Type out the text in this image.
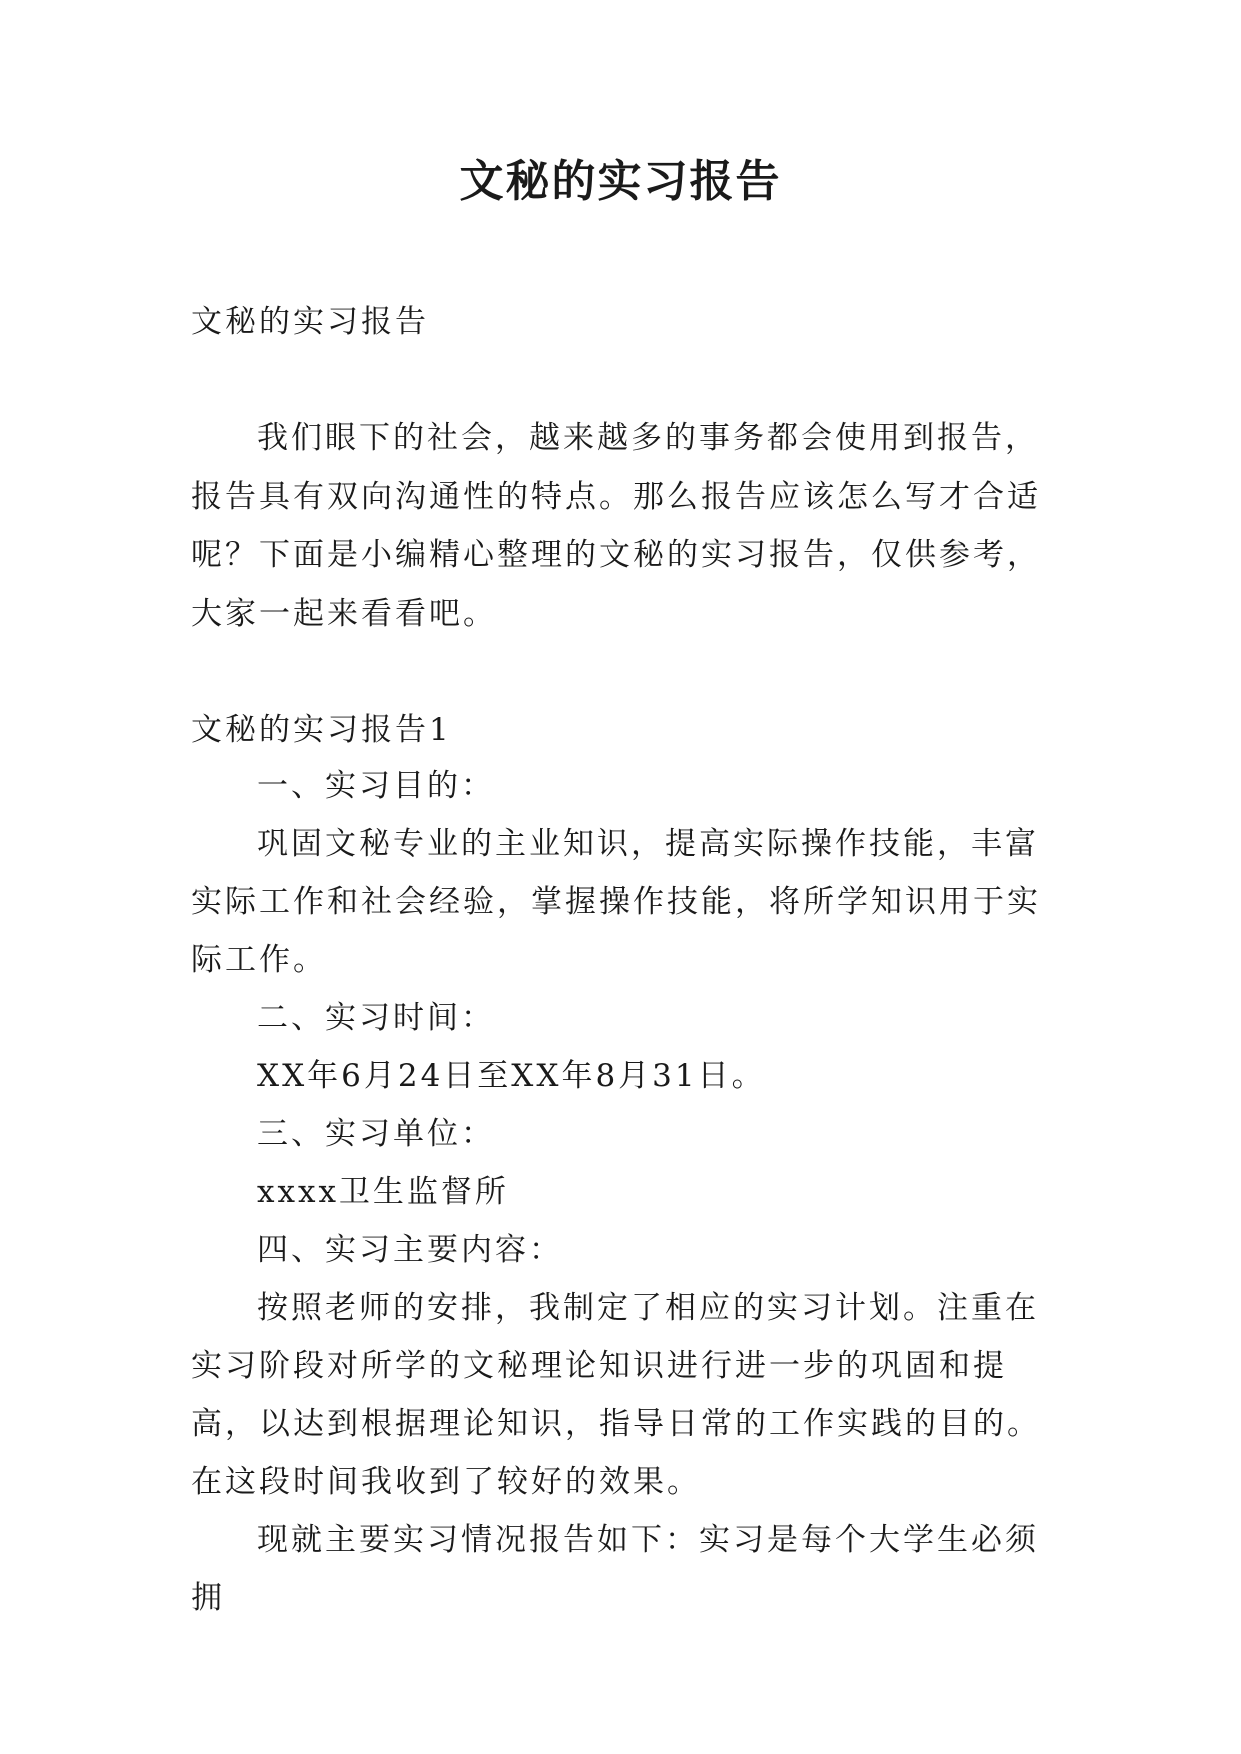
文秘的实习报告

文秘的实习报告

我们眼下的社会，越来越多的事务都会使用到报告，报告具有双向沟通性的特点。那么报告应该怎么写才合适呢？下面是小编精心整理的文秘的实习报告，仅供参考，大家一起来看看吧。

文秘的实习报告1

一、实习目的：

巩固文秘专业的主业知识，提高实际操作技能，丰富实际工作和社会经验，掌握操作技能，将所学知识用于实际工作。

二、实习时间：

XX年6月24日至XX年8月31日。

三、实习单位：

xxxx卫生监督所

四、实习主要内容：

按照老师的安排，我制定了相应的实习计划。注重在实习阶段对所学的文秘理论知识进行进一步的巩固和提高，以达到根据理论知识，指导日常的工作实践的目的。在这段时间我收到了较好的效果。

现就主要实习情况报告如下：实习是每个大学生必须拥
